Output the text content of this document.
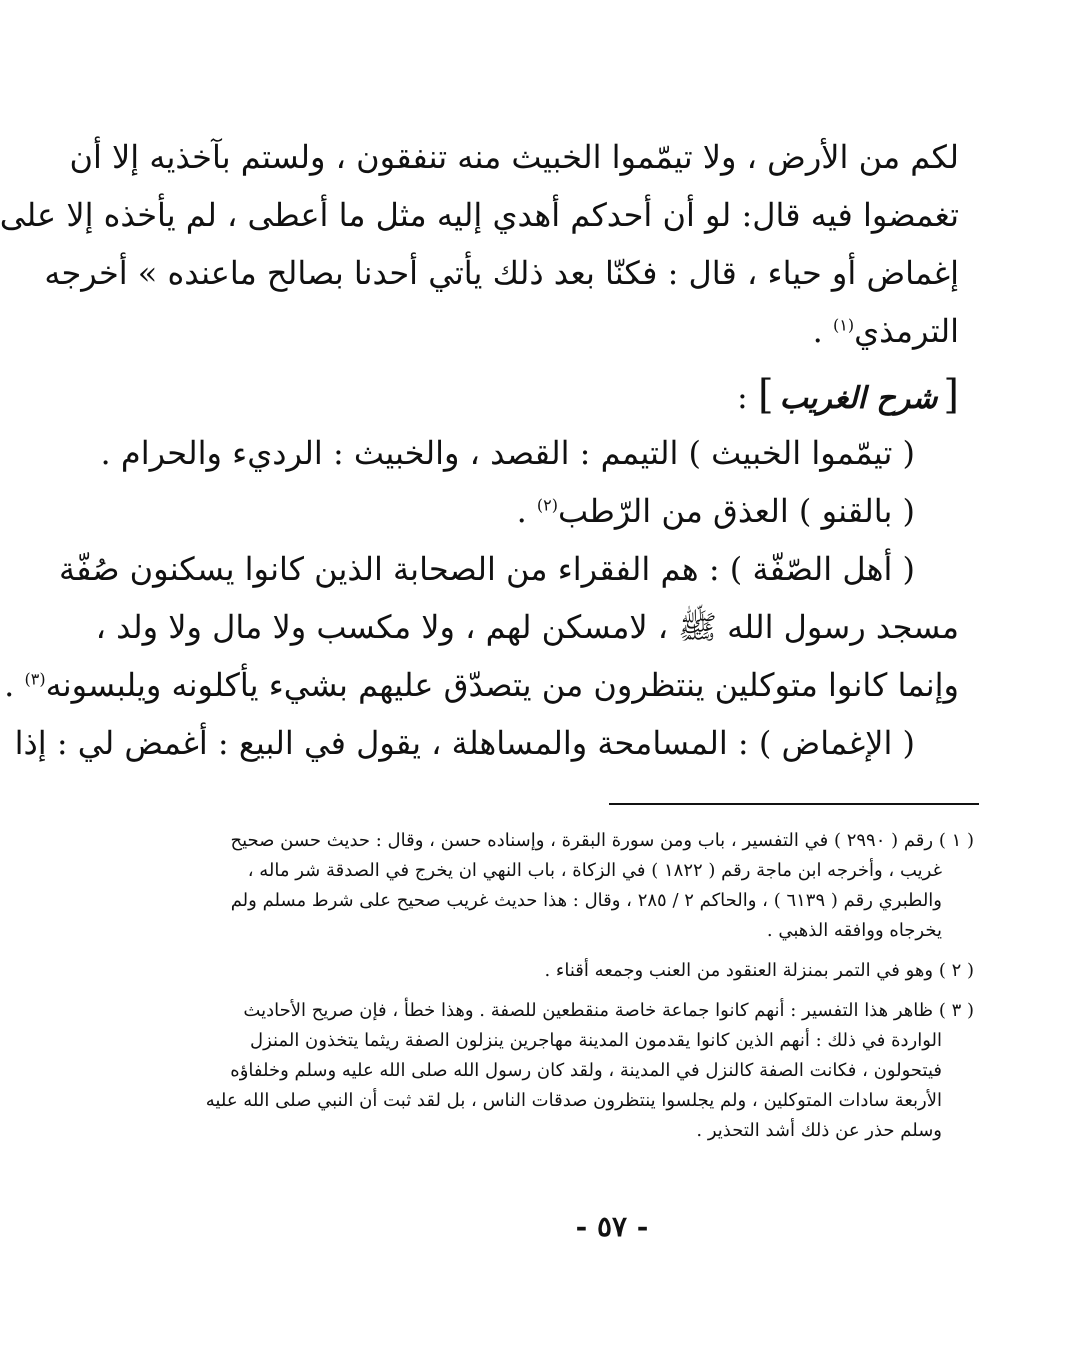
لكم من الأرض ، ولا تيمّموا الخبيث منه تنفقون ، ولستم بآخذيه إلا أن
تغمضوا فيه قال: لو أن أحدكم أهدي إليه مثل ما أعطى ، لم يأخذه إلا على
إغماض أو حياء ، قال : فكنّا بعد ذلك يأتي أحدنا بصالح ماعنده » أخرجه
الترمذي$^{(١)}$ .
[شرح الغريب] :
( تيمّموا الخبيث ) التيمم : القصد ، والخبيث : الرديء والحرام .
( بالقنو ) العذق من الرّطب$^{(٢)}$ .
( أهل الصّفّة ) : هم الفقراء من الصحابة الذين كانوا يسكنون صُفّة
مسجد رسول الله ﷺ ، لامسكن لهم ، ولا مكسب ولا مال ولا ولد ،
وإنما كانوا متوكلين ينتظرون من يتصدّق عليهم بشيء يأكلونه ويلبسونه$^{(٣)}$ .
( الإغماض ) : المسامحة والمساهلة ، يقول في البيع : أغمض لي : إذا
( ١ ) رقم ( ٢٩٩٠ ) في التفسير ، باب ومن سورة البقرة ، وإسناده حسن ، وقال : حديث حسن صحيح
غريب ، وأخرجه ابن ماجة رقم ( ١٨٢٢ ) في الزكاة ، باب النهي ان يخرج في الصدقة شر ماله ،
والطبري رقم ( ٦١٣٩ ) ، والحاكم ٢ / ٢٨٥ ، وقال : هذا حديث غريب صحيح على شرط مسلم ولم
يخرجاه ووافقه الذهبي .
( ٢ ) وهو في التمر بمنزلة العنقود من العنب وجمعه أقناء .
( ٣ ) ظاهر هذا التفسير : أنهم كانوا جماعة خاصة منقطعين للصفة . وهذا خطأ ، فإن صريح الأحاديث
الواردة في ذلك : أنهم الذين كانوا يقدمون المدينة مهاجرين ينزلون الصفة ريثما يتخذون المنزل
فيتحولون ، فكانت الصفة كالنزل في المدينة ، ولقد كان رسول الله صلى الله عليه وسلم وخلفاؤه
الأربعة سادات المتوكلين ، ولم يجلسوا ينتظرون صدقات الناس ، بل لقد ثبت أن النبي صلى الله عليه
وسلم حذر عن ذلك أشد التحذير .
- ٥٧ -
